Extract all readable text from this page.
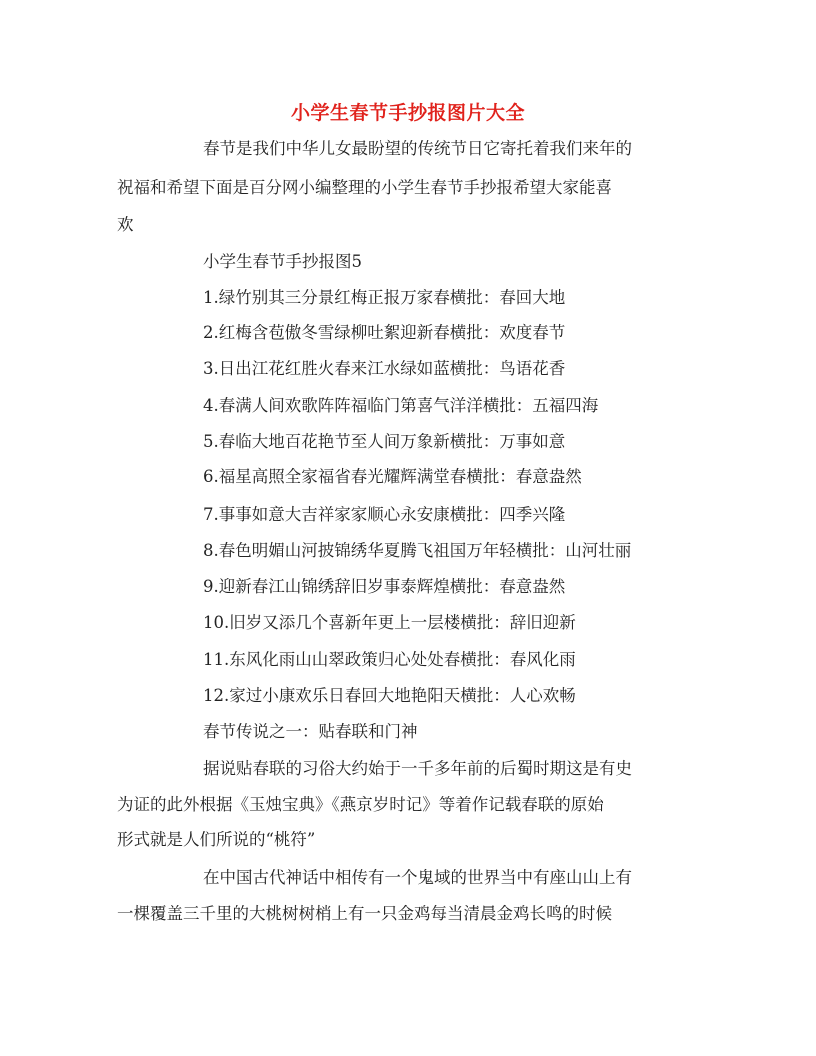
小学生春节手抄报图片大全
春节是我们中华儿女最盼望的传统节日它寄托着我们来年的
祝福和希望下面是百分网小编整理的小学生春节手抄报希望大家能喜
欢
小学生春节手抄报图5
1.绿竹别其三分景红梅正报万家春横批：春回大地
2.红梅含苞傲冬雪绿柳吐絮迎新春横批：欢度春节
3.日出江花红胜火春来江水绿如蓝横批：鸟语花香
4.春满人间欢歌阵阵福临门第喜气洋洋横批：五福四海
5.春临大地百花艳节至人间万象新横批：万事如意
6.福星高照全家福省春光耀辉满堂春横批：春意盎然
7.事事如意大吉祥家家顺心永安康横批：四季兴隆
8.春色明媚山河披锦绣华夏腾飞祖国万年轻横批：山河壮丽
9.迎新春江山锦绣辞旧岁事泰辉煌横批：春意盎然
10.旧岁又添几个喜新年更上一层楼横批：辞旧迎新
11.东风化雨山山翠政策归心处处春横批：春风化雨
12.家过小康欢乐日春回大地艳阳天横批：人心欢畅
春节传说之一：贴春联和门神
据说贴春联的习俗大约始于一千多年前的后蜀时期这是有史
为证的此外根据《玉烛宝典》《燕京岁时记》等着作记载春联的原始
形式就是人们所说的“桃符”
在中国古代神话中相传有一个鬼域的世界当中有座山山上有
一棵覆盖三千里的大桃树树梢上有一只金鸡每当清晨金鸡长鸣的时候
